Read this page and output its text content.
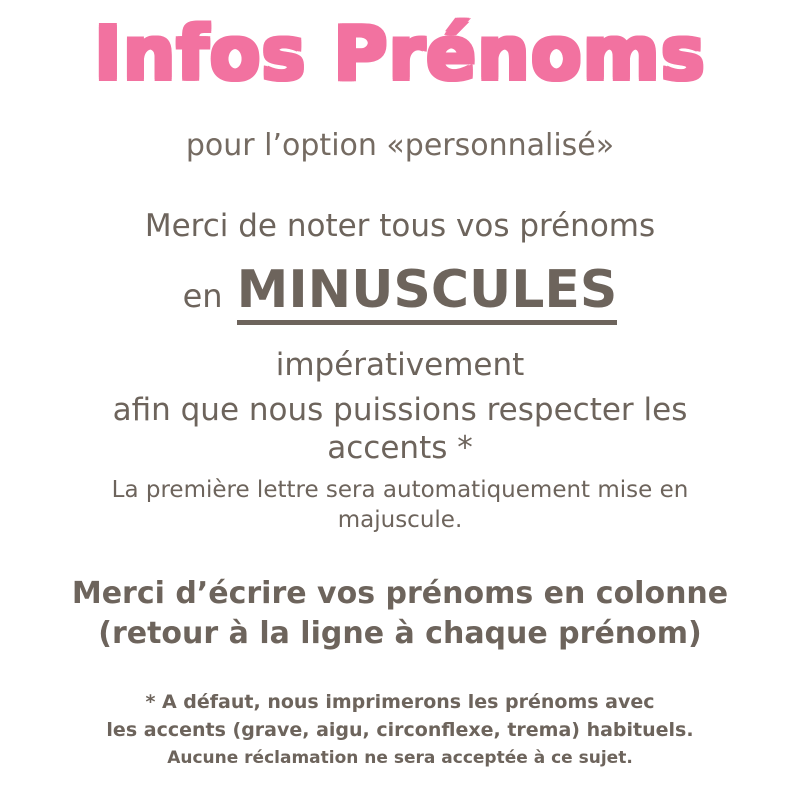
Infos Prénoms
pour l’option «personnalisé»
Merci de noter tous vos prénoms
en MINUSCULES
impérativement
afin que nous puissions respecter les accents *
La première lettre sera automatiquement mise en majuscule.
Merci d’écrire vos prénoms en colonne (retour à la ligne à chaque prénom)
* A défaut, nous imprimerons les prénoms avec
les accents (grave, aigu, circonflexe, trema) habituels.
Aucune réclamation ne sera acceptée à ce sujet.
